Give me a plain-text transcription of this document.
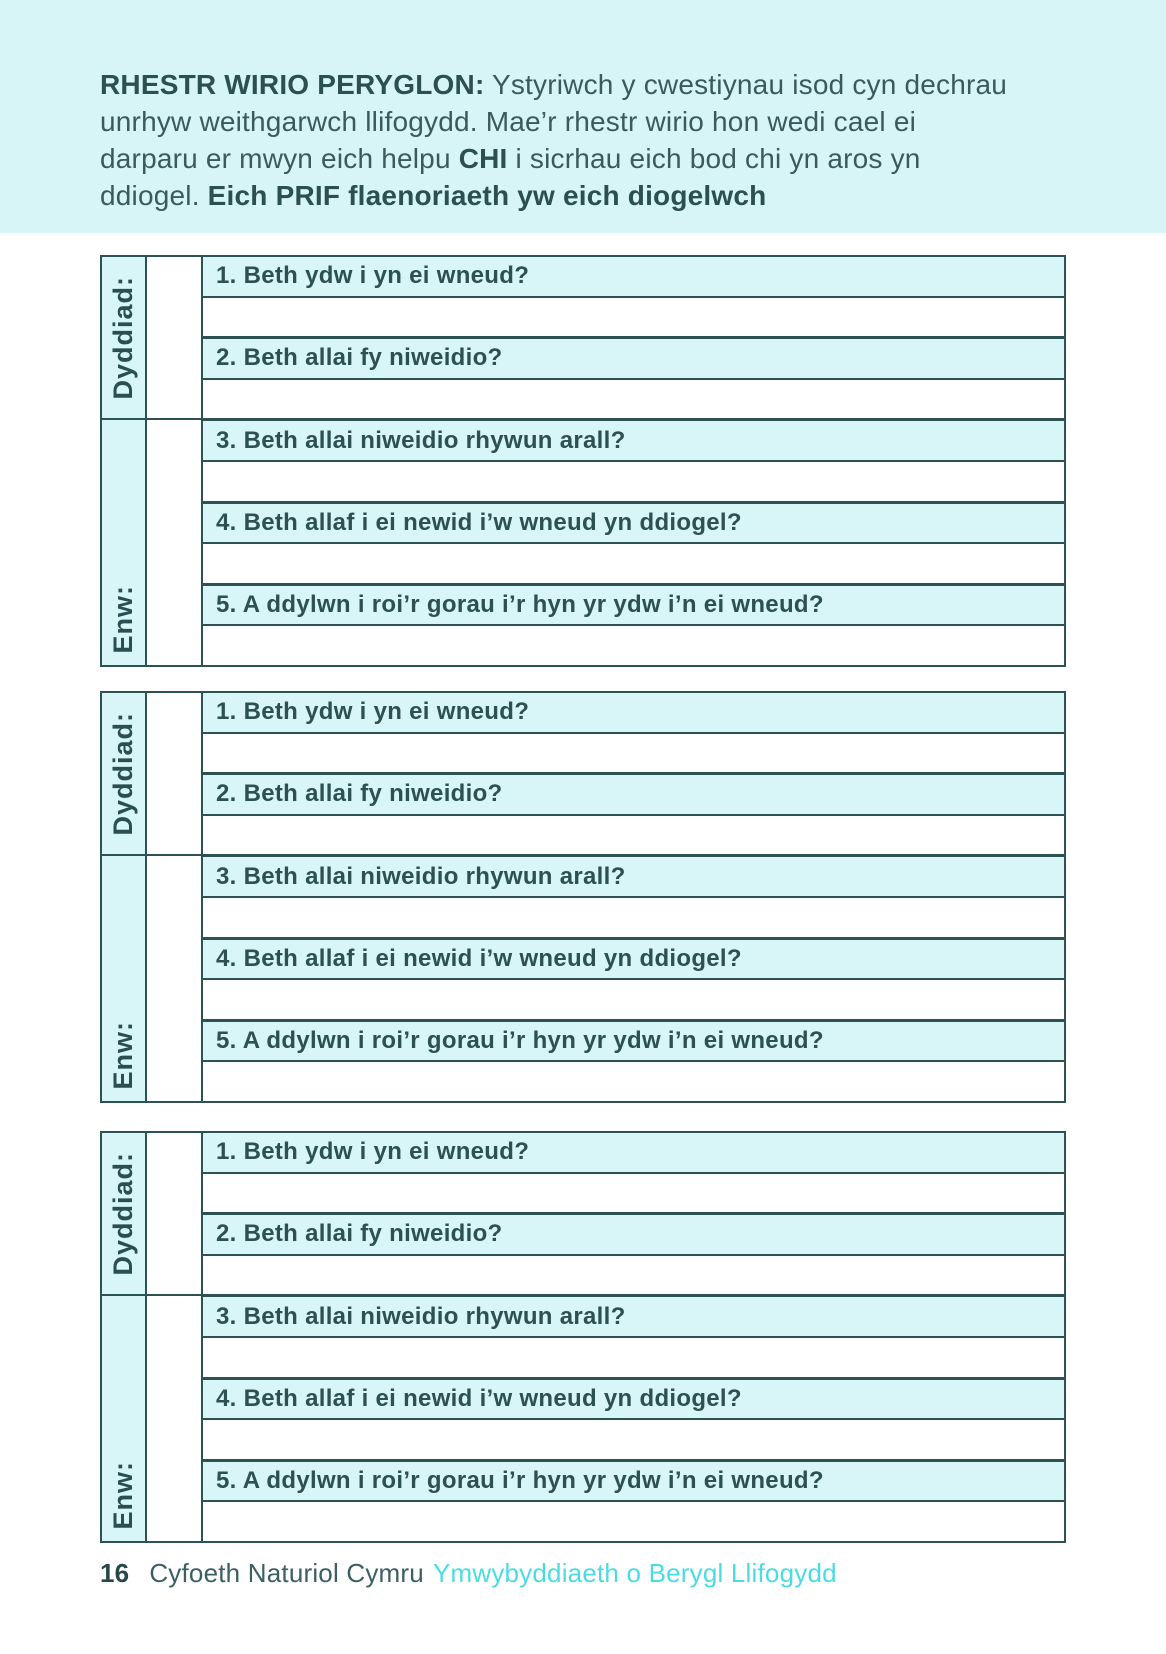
RHESTR WIRIO PERYGLON: Ystyriwch y cwestiynau isod cyn dechrau unrhyw weithgarwch llifogydd. Mae’r rhestr wirio hon wedi cael ei darparu er mwyn eich helpu CHI i sicrhau eich bod chi yn aros yn ddiogel. Eich PRIF flaenoriaeth yw eich diogelwch

Dyddiad:
Enw:
1. Beth ydw i yn ei wneud?
2. Beth allai fy niweidio?
3. Beth allai niweidio rhywun arall?
4. Beth allaf i ei newid i’w wneud yn ddiogel?
5. A ddylwn i roi’r gorau i’r hyn yr ydw i’n ei wneud?
Dyddiad:
Enw:
1. Beth ydw i yn ei wneud?
2. Beth allai fy niweidio?
3. Beth allai niweidio rhywun arall?
4. Beth allaf i ei newid i’w wneud yn ddiogel?
5. A ddylwn i roi’r gorau i’r hyn yr ydw i’n ei wneud?
Dyddiad:
Enw:
1. Beth ydw i yn ei wneud?
2. Beth allai fy niweidio?
3. Beth allai niweidio rhywun arall?
4. Beth allaf i ei newid i’w wneud yn ddiogel?
5. A ddylwn i roi’r gorau i’r hyn yr ydw i’n ei wneud?
16 Cyfoeth Naturiol Cymru Ymwybyddiaeth o Berygl Llifogydd
